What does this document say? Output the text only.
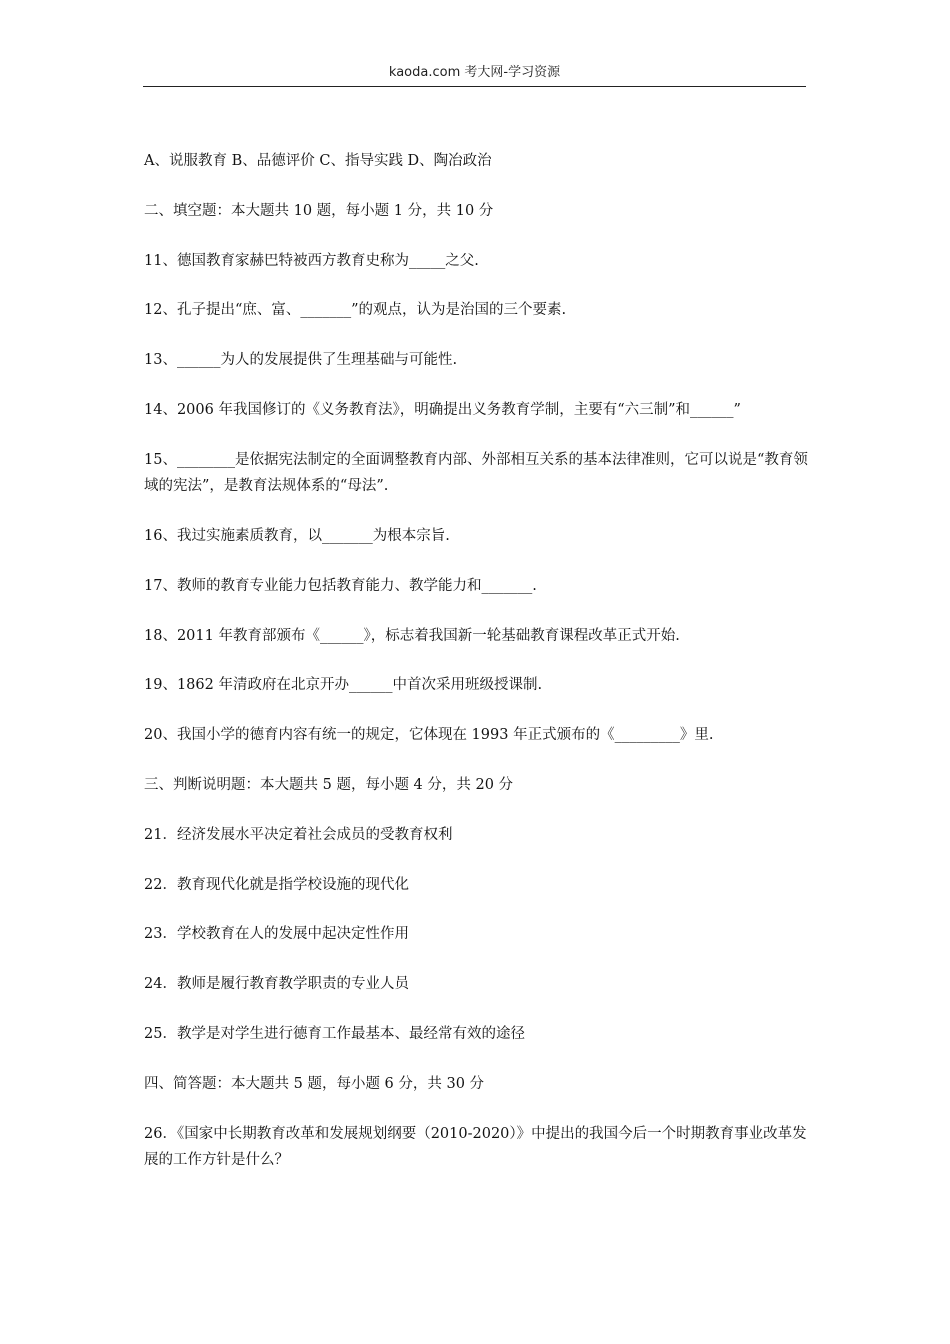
kaoda.com 考大网-学习资源
A、说服教育 B、品德评价 C、指导实践 D、陶冶政治
二、填空题：本大题共 10 题，每小题 1 分，共 10 分
11、德国教育家赫巴特被西方教育史称为_____之父.
12、孔子提出“庶、富、_______”的观点，认为是治国的三个要素.
13、______为人的发展提供了生理基础与可能性.
14、2006 年我国修订的《义务教育法》，明确提出义务教育学制，主要有“六三制”和______”
15、________是依据宪法制定的全面调整教育内部、外部相互关系的基本法律准则，它可以说是“教育领域的宪法”，是教育法规体系的“母法”.
16、我过实施素质教育，以_______为根本宗旨.
17、教师的教育专业能力包括教育能力、教学能力和_______.
18、2011 年教育部颁布《______》，标志着我国新一轮基础教育课程改革正式开始.
19、1862 年清政府在北京开办______中首次采用班级授课制.
20、我国小学的德育内容有统一的规定，它体现在 1993 年正式颁布的《_________》里.
三、判断说明题：本大题共 5 题，每小题 4 分，共 20 分
21．经济发展水平决定着社会成员的受教育权利
22．教育现代化就是指学校设施的现代化
23．学校教育在人的发展中起决定性作用
24．教师是履行教育教学职责的专业人员
25．教学是对学生进行德育工作最基本、最经常有效的途径
四、简答题：本大题共 5 题，每小题 6 分，共 30 分
26．《国家中长期教育改革和发展规划纲要（2010-2020）》中提出的我国今后一个时期教育事业改革发展的工作方针是什么？
